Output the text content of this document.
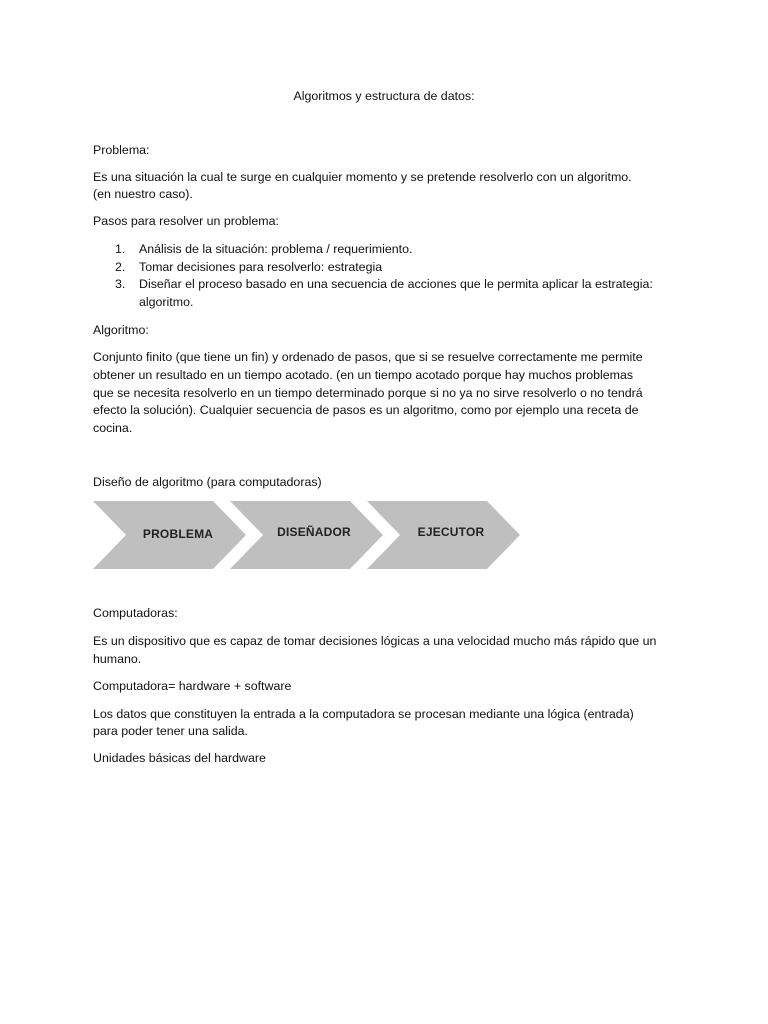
Algoritmos y estructura de datos:

Problema:

Es una situación la cual te surge en cualquier momento y se pretende resolverlo con un algoritmo.

(en nuestro caso).

Pasos para resolver un problema:

1. Análisis de la situación: problema / requerimiento.
2. Tomar decisiones para resolverlo: estrategia
3. Diseñar el proceso basado en una secuencia de acciones que le permita aplicar la estrategia:
algoritmo.

Algoritmo:

Conjunto finito (que tiene un fin) y ordenado de pasos, que si se resuelve correctamente me permite

obtener un resultado en un tiempo acotado. (en un tiempo acotado porque hay muchos problemas

que se necesita resolverlo en un tiempo determinado porque si no ya no sirve resolverlo o no tendrá

efecto la solución). Cualquier secuencia de pasos es un algoritmo, como por ejemplo una receta de

cocina.

Diseño de algoritmo (para computadoras)

Computadoras:

Es un dispositivo que es capaz de tomar decisiones lógicas a una velocidad mucho más rápido que un

humano.

Computadora= hardware + software

Los datos que constituyen la entrada a la computadora se procesan mediante una lógica (entrada)

para poder tener una salida.

Unidades básicas del hardware

PROBLEMA	DISEÑADOR	EJECUTOR
